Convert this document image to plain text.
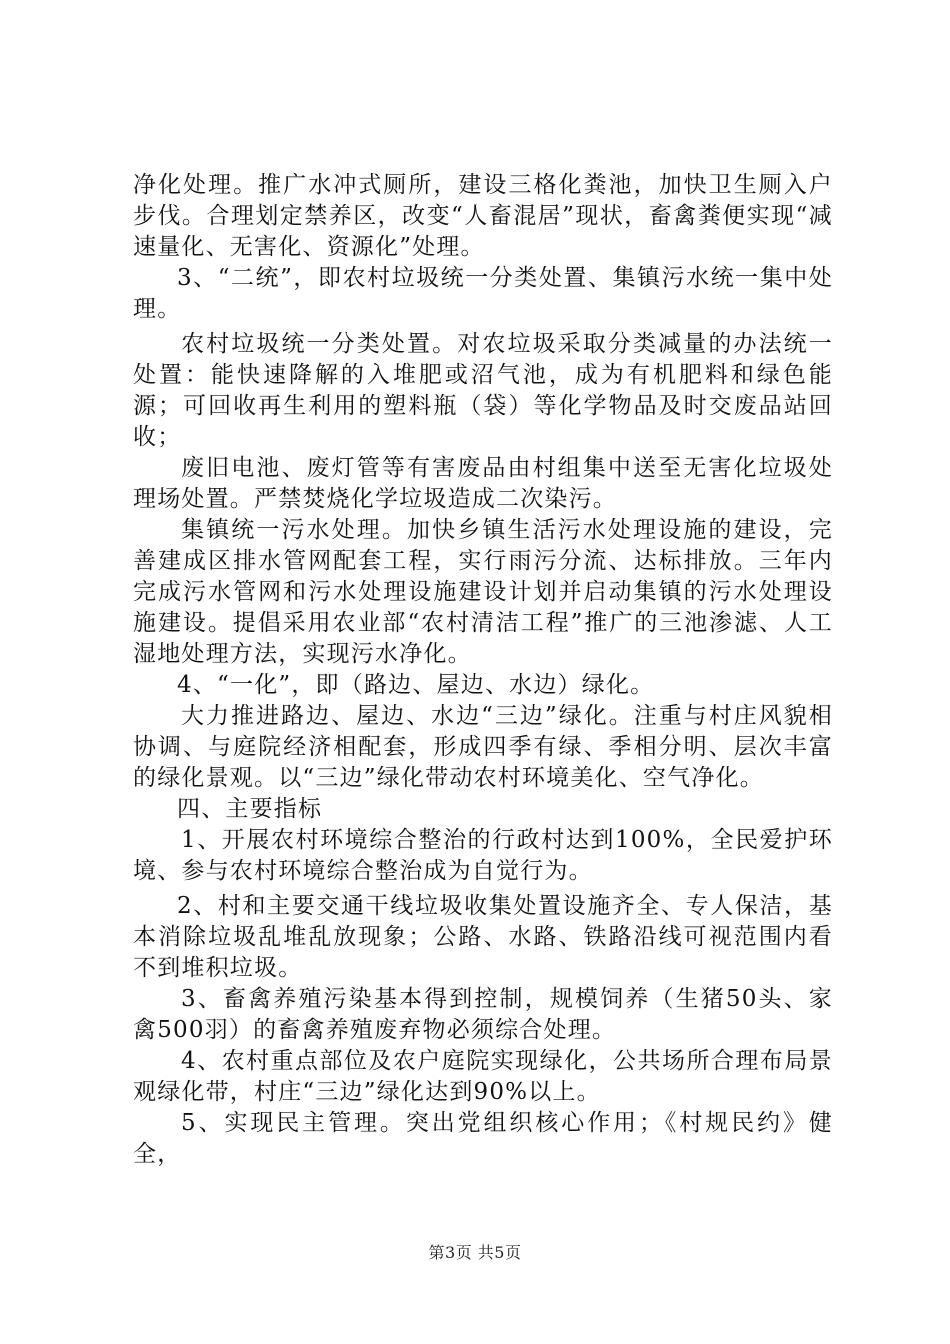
净化处理。推广水冲式厕所，建设三格化粪池，加快卫生厕入户步伐。合理划定禁养区，改变“人畜混居”现状，畜禽粪便实现“减速量化、无害化、资源化”处理。

3、“二统”，即农村垃圾统一分类处置、集镇污水统一集中处理。

农村垃圾统一分类处置。对农垃圾采取分类减量的办法统一处置：能快速降解的入堆肥或沼气池，成为有机肥料和绿色能源；可回收再生利用的塑料瓶（袋）等化学物品及时交废品站回收；

废旧电池、废灯管等有害废品由村组集中送至无害化垃圾处理场处置。严禁焚烧化学垃圾造成二次染污。

集镇统一污水处理。加快乡镇生活污水处理设施的建设，完善建成区排水管网配套工程，实行雨污分流、达标排放。三年内完成污水管网和污水处理设施建设计划并启动集镇的污水处理设施建设。提倡采用农业部“农村清洁工程”推广的三池渗滤、人工湿地处理方法，实现污水净化。

4、“一化”，即（路边、屋边、水边）绿化。

大力推进路边、屋边、水边“三边”绿化。注重与村庄风貌相协调、与庭院经济相配套，形成四季有绿、季相分明、层次丰富的绿化景观。以“三边”绿化带动农村环境美化、空气净化。

四、主要指标

1、开展农村环境综合整治的行政村达到100%，全民爱护环境、参与农村环境综合整治成为自觉行为。

2、村和主要交通干线垃圾收集处置设施齐全、专人保洁，基本消除垃圾乱堆乱放现象；公路、水路、铁路沿线可视范围内看不到堆积垃圾。

3、畜禽养殖污染基本得到控制，规模饲养（生猪50头、家禽500羽）的畜禽养殖废弃物必须综合处理。

4、农村重点部位及农户庭院实现绿化，公共场所合理布局景观绿化带，村庄“三边”绿化达到90%以上。

5、实现民主管理。突出党组织核心作用；《村规民约》健全，

第3页 共5页
